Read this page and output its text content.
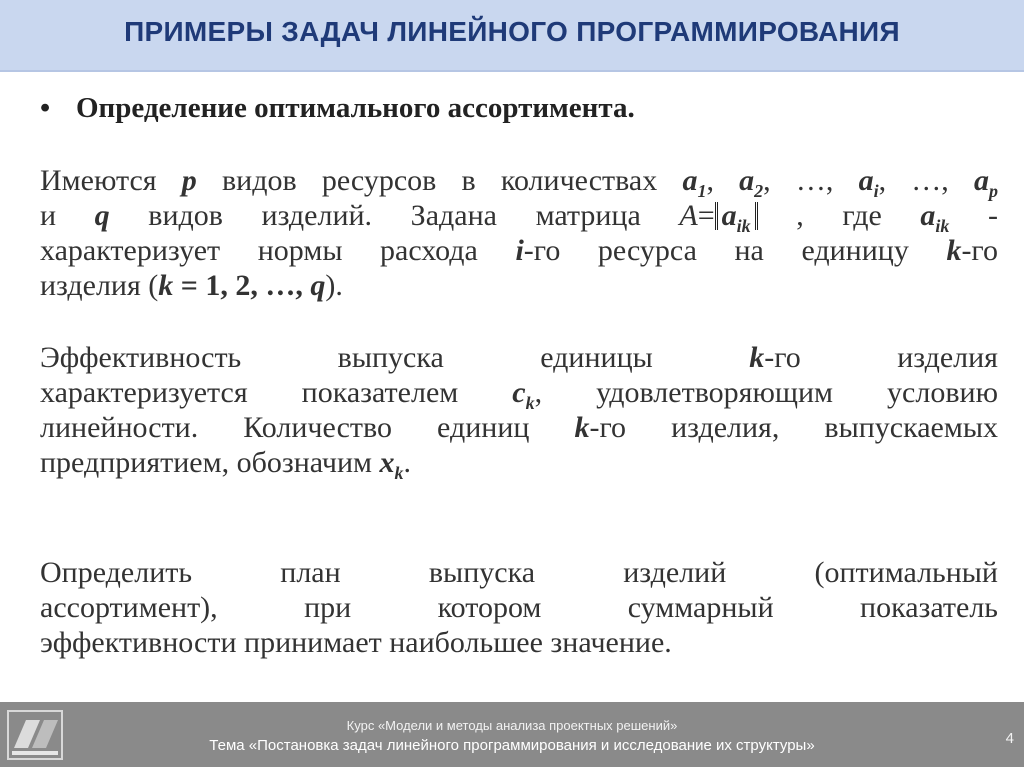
ПРИМЕРЫ ЗАДАЧ ЛИНЕЙНОГО ПРОГРАММИРОВАНИЯ
• Определение оптимального ассортимента.
Имеются p видов ресурсов в количествах $a_1$, $a_2$, …, $a_i$, …, $a_p$
и q видов изделий. Задана матрица $A= a_{ik}$ , где $a_{ik}$ -
характеризует нормы расхода i-го ресурса на единицу k-го
изделия (k = 1, 2, …, q).
Эффективность выпуска единицы k-го изделия
характеризуется показателем $c_k$, удовлетворяющим условию
линейности. Количество единиц k-го изделия, выпускаемых
предприятием, обозначим $x_k$.
Определить план выпуска изделий (оптимальный
ассортимент), при котором суммарный показатель
эффективности принимает наибольшее значение.
Курс «Модели и методы анализа проектных решений»
Тема «Постановка задач линейного программирования и исследование их структуры»	4
